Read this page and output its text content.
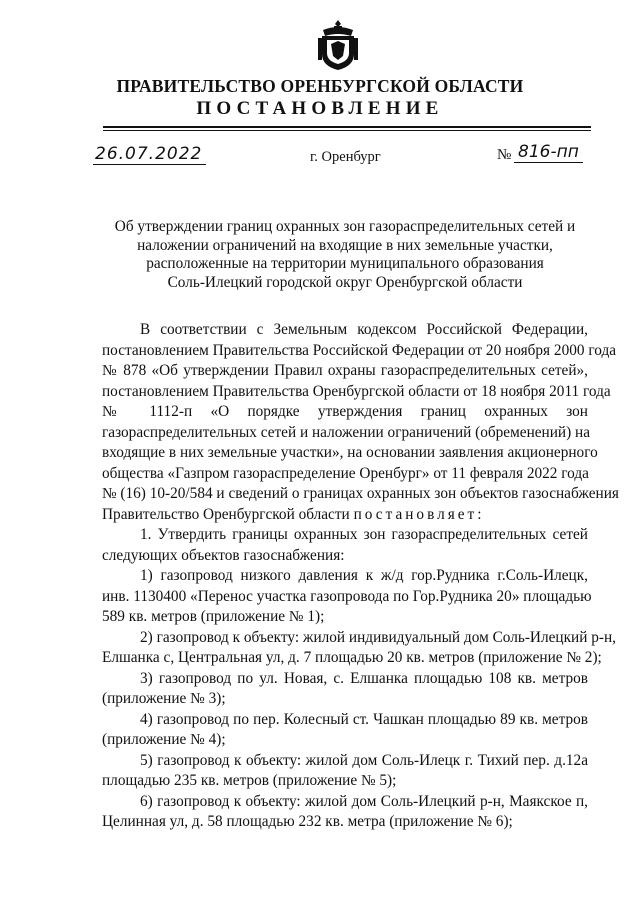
ПРАВИТЕЛЬСТВО ОРЕНБУРГСКОЙ ОБЛАСТИ
ПОСТАНОВЛЕНИЕ
26.07.2022	г. Оренбург	№ 816-пп
Об утверждении границ охранных зон газораспределительных сетей и
наложении ограничений на входящие в них земельные участки,
расположенные на территории муниципального образования
Соль-Илецкий городской округ Оренбургской области
В соответствии с Земельным кодексом Российской Федерации,
постановлением Правительства Российской Федерации от 20 ноября 2000 года
№ 878 «Об утверждении Правил охраны газораспределительных сетей»,
постановлением Правительства Оренбургской области от 18 ноября 2011 года
№ 1112-п «О порядке утверждения границ охранных зон
газораспределительных сетей и наложении ограничений (обременений) на
входящие в них земельные участки», на основании заявления акционерного
общества «Газпром газораспределение Оренбург» от 11 февраля 2022 года
№ (16) 10-20/584 и сведений о границах охранных зон объектов газоснабжения
Правительство Оренбургской области постановляет:
1. Утвердить границы охранных зон газораспределительных сетей
следующих объектов газоснабжения:
1) газопровод низкого давления к ж/д гор.Рудника г.Соль-Илецк,
инв. 1130400 «Перенос участка газопровода по Гор.Рудника 20» площадью
589 кв. метров (приложение № 1);
2) газопровод к объекту: жилой индивидуальный дом Соль-Илецкий р-н,
Елшанка с, Центральная ул, д. 7 площадью 20 кв. метров (приложение № 2);
3) газопровод по ул. Новая, с. Елшанка площадью 108 кв. метров
(приложение № 3);
4) газопровод по пер. Колесный ст. Чашкан площадью 89 кв. метров
(приложение № 4);
5) газопровод к объекту: жилой дом Соль-Илецк г. Тихий пер. д.12а
площадью 235 кв. метров (приложение № 5);
6) газопровод к объекту: жилой дом Соль-Илецкий р-н, Маякское п,
Целинная ул, д. 58 площадью 232 кв. метра (приложение № 6);
